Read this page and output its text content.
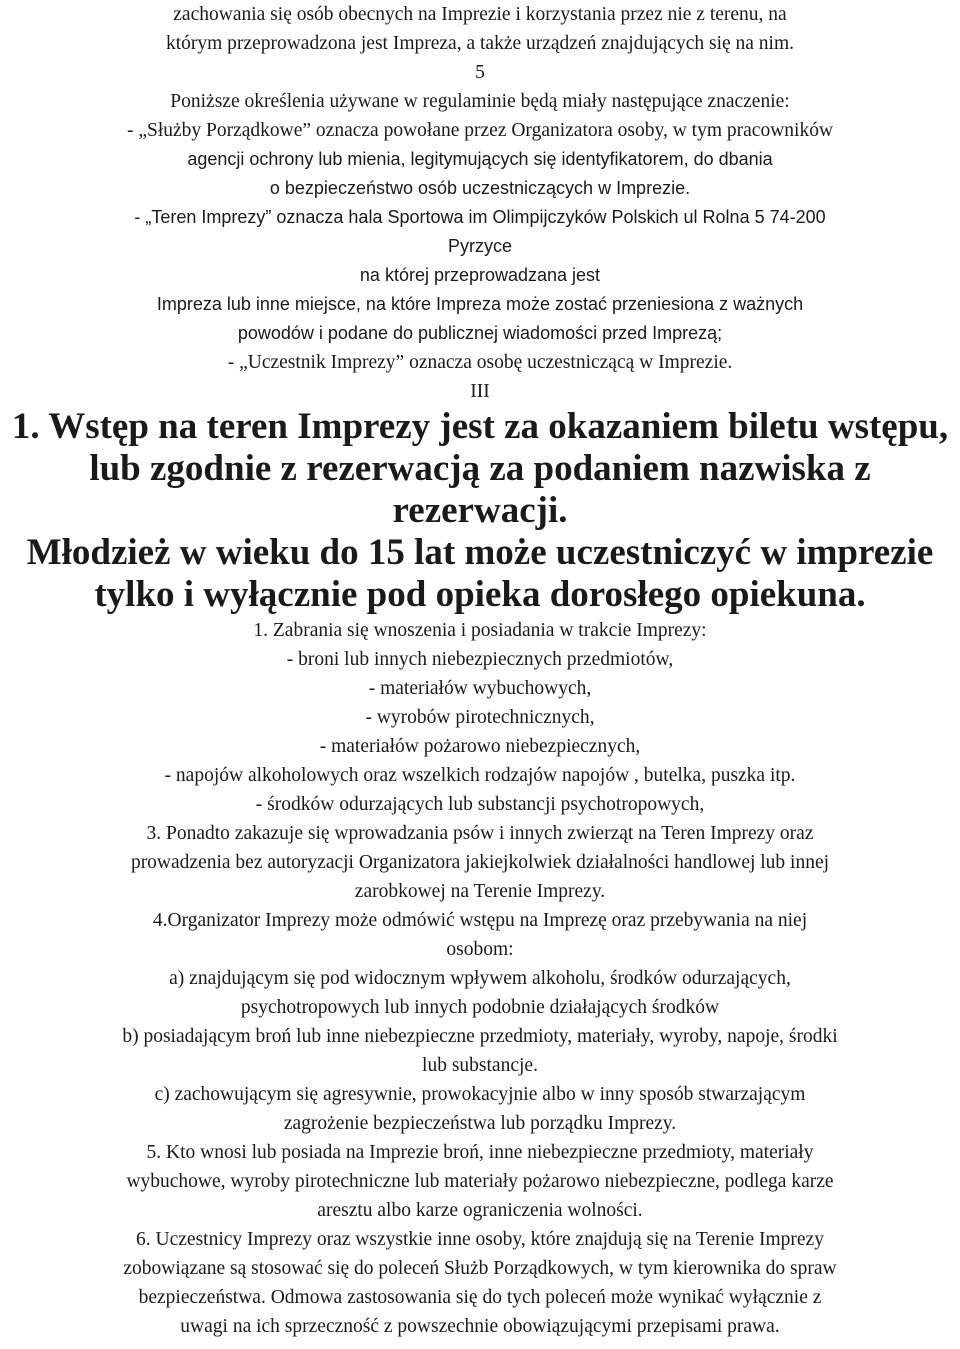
zachowania się osób obecnych na Imprezie i korzystania przez nie z terenu, na
którym przeprowadzona jest Impreza, a także urządzeń znajdujących się na nim.
5
Poniższe określenia używane w regulaminie będą miały następujące znaczenie:
- „Służby Porządkowe” oznacza powołane przez Organizatora osoby, w tym pracowników
agencji ochrony lub mienia, legitymujących się identyfikatorem, do dbania
o bezpieczeństwo osób uczestniczących w Imprezie.
- „Teren Imprezy” oznacza hala Sportowa im Olimpijczyków Polskich ul Rolna 5 74-200
Pyrzyce
na której przeprowadzana jest
Impreza lub inne miejsce, na które Impreza może zostać przeniesiona z ważnych
powodów i podane do publicznej wiadomości przed Imprezą;
- „Uczestnik Imprezy” oznacza osobę uczestniczącą w Imprezie.
III
1. Wstęp na teren Imprezy jest za okazaniem biletu wstępu,
lub zgodnie z rezerwacją za podaniem nazwiska z
rezerwacji.
Młodzież w wieku do 15 lat może uczestniczyć w imprezie
tylko i wyłącznie pod opieka dorosłego opiekuna.
1. Zabrania się wnoszenia i posiadania w trakcie Imprezy:
- broni lub innych niebezpiecznych przedmiotów,
- materiałów wybuchowych,
- wyrobów pirotechnicznych,
- materiałów pożarowo niebezpiecznych,
- napojów alkoholowych oraz wszelkich rodzajów napojów , butelka, puszka itp.
- środków odurzających lub substancji psychotropowych,
3. Ponadto zakazuje się wprowadzania psów i innych zwierząt na Teren Imprezy oraz
prowadzenia bez autoryzacji Organizatora jakiejkolwiek działalności handlowej lub innej
zarobkowej na Terenie Imprezy.
4.Organizator Imprezy może odmówić wstępu na Imprezę oraz przebywania na niej
osobom:
a) znajdującym się pod widocznym wpływem alkoholu, środków odurzających,
psychotropowych lub innych podobnie działających środków
b) posiadającym broń lub inne niebezpieczne przedmioty, materiały, wyroby, napoje, środki
lub substancje.
c) zachowującym się agresywnie, prowokacyjnie albo w inny sposób stwarzającym
zagrożenie bezpieczeństwa lub porządku Imprezy.
5. Kto wnosi lub posiada na Imprezie broń, inne niebezpieczne przedmioty, materiały
wybuchowe, wyroby pirotechniczne lub materiały pożarowo niebezpieczne, podlega karze
aresztu albo karze ograniczenia wolności.
6. Uczestnicy Imprezy oraz wszystkie inne osoby, które znajdują się na Terenie Imprezy
zobowiązane są stosować się do poleceń Służb Porządkowych, w tym kierownika do spraw
bezpieczeństwa. Odmowa zastosowania się do tych poleceń może wynikać wyłącznie z
uwagi na ich sprzeczność z powszechnie obowiązującymi przepisami prawa.
